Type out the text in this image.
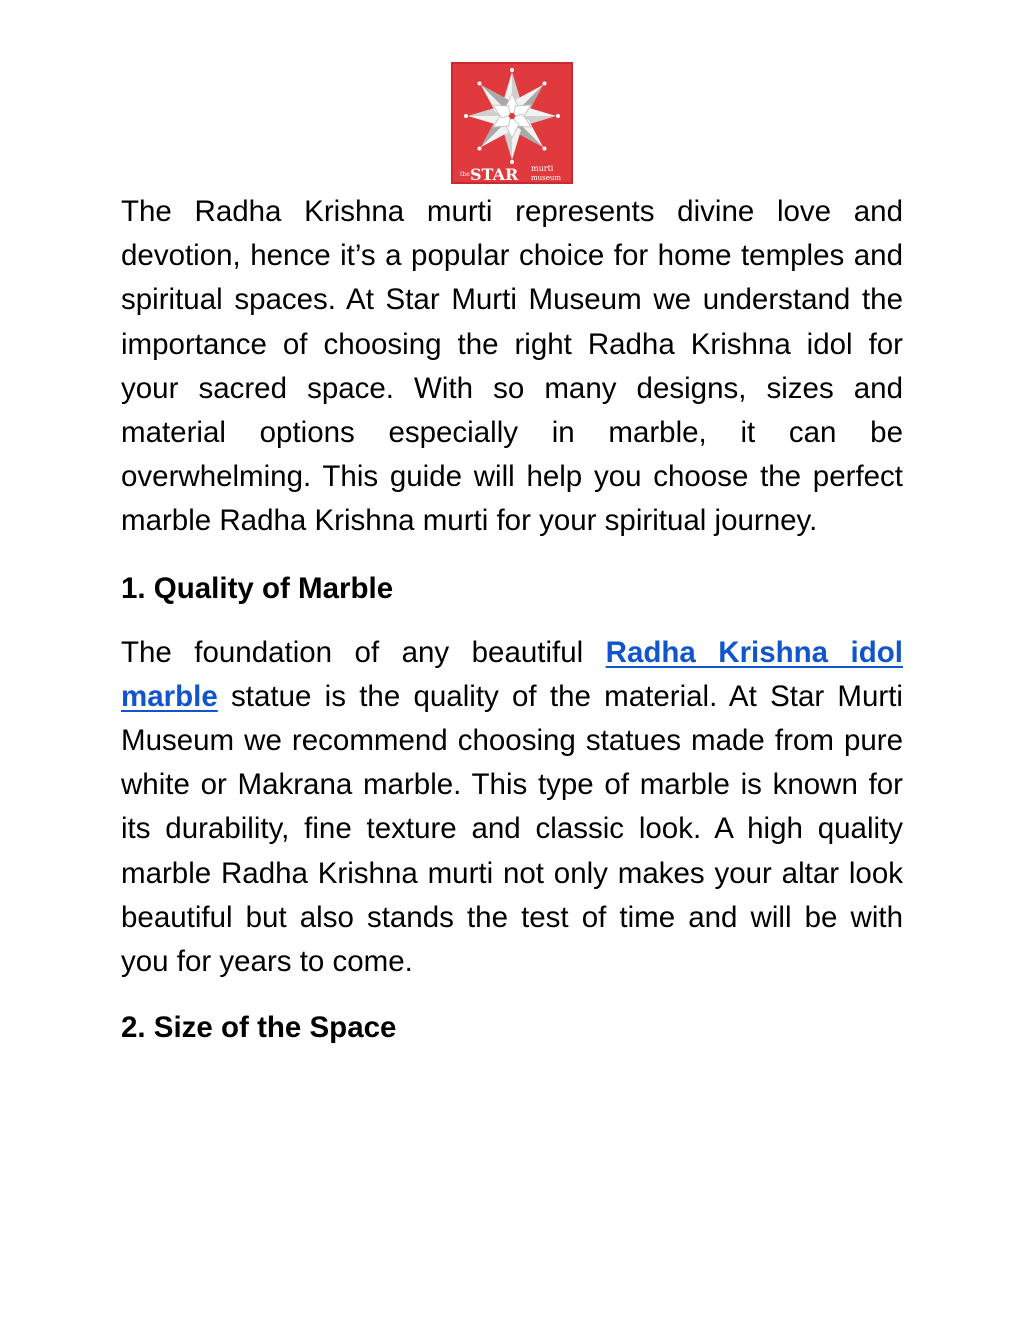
the STAR murti
museum

The Radha Krishna murti represents divine love and devotion, hence it’s a popular choice for home temples and spiritual spaces. At Star Murti Museum we understand the importance of choosing the right Radha Krishna idol for your sacred space. With so many designs, sizes and material options especially in marble, it can be overwhelming. This guide will help you choose the perfect marble Radha Krishna murti for your spiritual journey.

1. Quality of Marble

The foundation of any beautiful Radha Krishna idol marble statue is the quality of the material. At Star Murti Museum we recommend choosing statues made from pure white or Makrana marble. This type of marble is known for its durability, fine texture and classic look. A high quality marble Radha Krishna murti not only makes your altar look beautiful but also stands the test of time and will be with you for years to come.

2. Size of the Space
